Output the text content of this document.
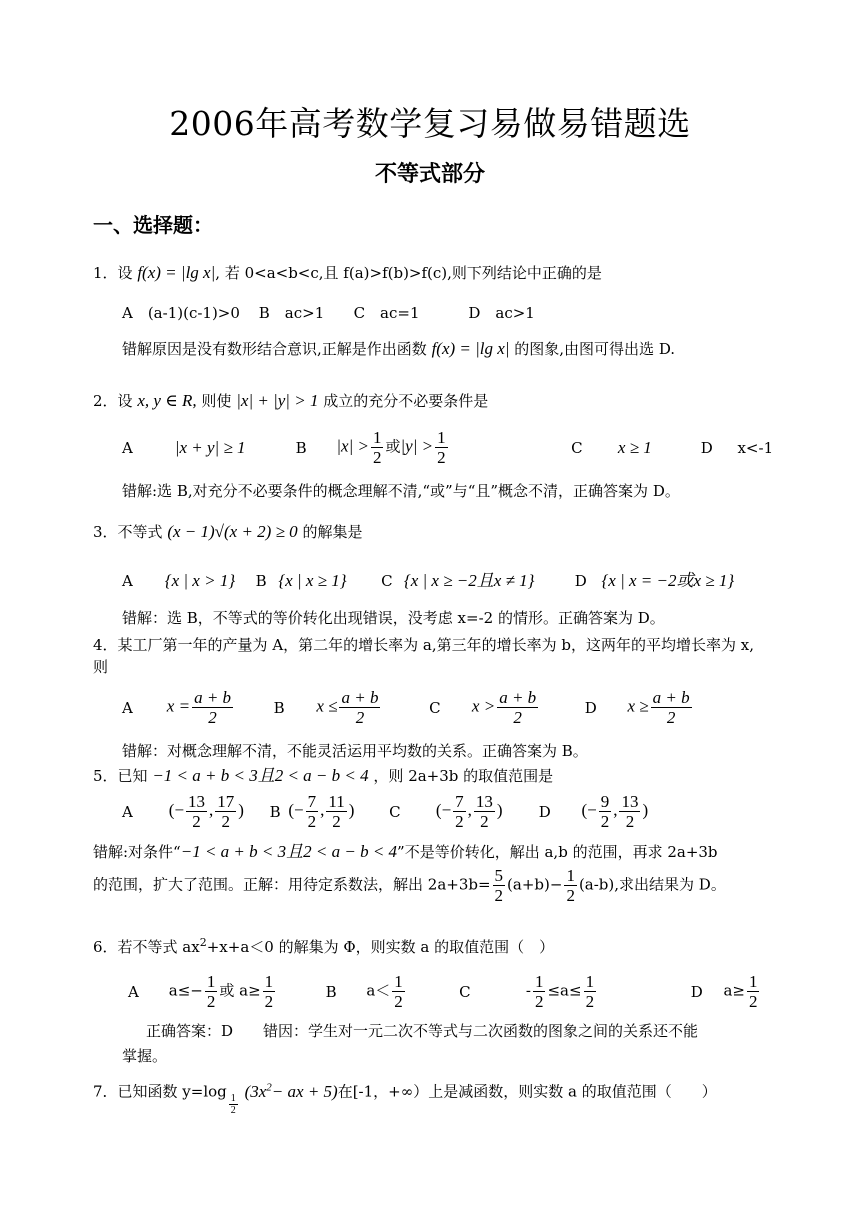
2006年高考数学复习易做易错题选
不等式部分
一、选择题：
1．设 f(x) = |lg x|, 若 0<a<b<c,且 f(a)>f(b)>f(c),则下列结论中正确的是
A　(a-1)(c-1)>0 B　ac>1 C　ac=1	D　ac>1
错解原因是没有数形结合意识,正解是作出函数 f(x) = |lg x| 的图象,由图可得出选 D.
2．设 x, y ∈ R, 则使 |x| + |y| > 1 成立的充分不必要条件是
A |x + y| ≥ 1	B $|x| > \frac{1}{2}$ 或$|y| > \frac{1}{2}$	C x ≥ 1	D x<-1
错解:选 B,对充分不必要条件的概念理解不清,“或”与“且”概念不清，正确答案为 D。
3．不等式 (x − 1)√(x + 2) ≥ 0 的解集是
A {x | x > 1} B {x | x ≥ 1} C {x | x ≥ −2且x ≠ 1}	D {x | x = −2或x ≥ 1}
错解：选 B，不等式的等价转化出现错误，没考虑 x=-2 的情形。正确答案为 D。
4．某工厂第一年的产量为 A，第二年的增长率为 a,第三年的增长率为 b，这两年的平均增长率为 x,则
A $x = \frac{a + b}{2}$	B $x \le \frac{a + b}{2}$	C $x > \frac{a + b}{2}$	D $x \ge \frac{a + b}{2}$
错解：对概念理解不清，不能灵活运用平均数的关系。正确答案为 B。
5．已知 −1 < a + b < 3且2 < a − b < 4 ，则 2a+3b 的取值范围是
A (− $\frac{13}{2}$ , $\frac{17}{2}$ ) B (− $\frac{7}{2}$ , $\frac{11}{2}$ ) C (− $\frac{7}{2}$ , $\frac{13}{2}$ ) D (− $\frac{9}{2}$ , $\frac{13}{2}$ )
错解:对条件“−1 < a + b < 3且2 < a − b < 4”不是等价转化，解出 a,b 的范围，再求 2a+3b
的范围，扩大了范围。正解：用待定系数法，解出 $2a+3b= \frac{5}{2} (a+b)- \frac{1}{2} (a-b)$,求出结果为 D。
6．若不等式 $ax^2+x+a<0$ 的解集为 Φ，则实数 a 的取值范围（　）
A $a\le- \frac{1}{2}$ 或 $a\ge \frac{1}{2}$	B $a< \frac{1}{2}$	C	- $\frac{1}{2} \le a\le \frac{1}{2}$	D $a\ge \frac{1}{2}$
正确答案：D　　错因：学生对一元二次不等式与二次函数的图象之间的关系还不能
掌握。
7．已知函数 y=log
$\frac{1}{2}$
($3x^2-$ ax + 5)在[-1，+∞）上是减函数，则实数 a 的取值范围（　　）
